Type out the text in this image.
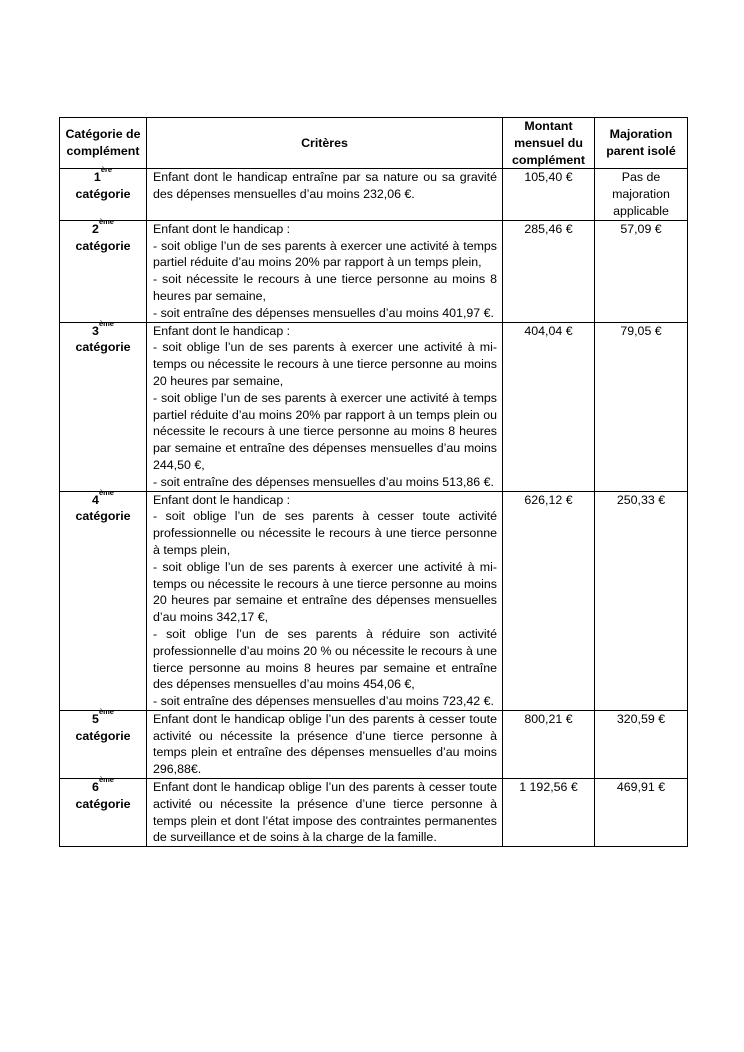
Catégorie de complément	Critères	Montant mensuel du complément	Majoration parent isolé
1ère
catégorie	Enfant dont le handicap entraîne par sa nature ou sa gravité des dépenses mensuelles d’au moins 232,06 €.	105,40 €	Pas de majoration applicable
2ème
catégorie	Enfant dont le handicap :
- soit oblige l’un de ses parents à exercer une activité à temps partiel réduite d’au moins 20% par rapport à un temps plein,
- soit nécessite le recours à une tierce personne au moins 8 heures par semaine,
- soit entraîne des dépenses mensuelles d’au moins 401,97 €.	285,46 €	57,09 €
3ème
catégorie	Enfant dont le handicap :
- soit oblige l’un de ses parents à exercer une activité à mi-temps ou nécessite le recours à une tierce personne au moins 20 heures par semaine,
- soit oblige l’un de ses parents à exercer une activité à temps partiel réduite d’au moins 20% par rapport à un temps plein ou nécessite le recours à une tierce personne au moins 8 heures par semaine et entraîne des dépenses mensuelles d’au moins 244,50 €,
- soit entraîne des dépenses mensuelles d’au moins 513,86 €.	404,04 €	79,05 €
4ème
catégorie	Enfant dont le handicap :
- soit oblige l’un de ses parents à cesser toute activité professionnelle ou nécessite le recours à une tierce personne à temps plein,
- soit oblige l’un de ses parents à exercer une activité à mi-temps ou nécessite le recours à une tierce personne au moins 20 heures par semaine et entraîne des dépenses mensuelles d’au moins 342,17 €,
- soit oblige l’un de ses parents à réduire son activité professionnelle d’au moins 20 % ou nécessite le recours à une tierce personne au moins 8 heures par semaine et entraîne des dépenses mensuelles d’au moins 454,06 €,
- soit entraîne des dépenses mensuelles d’au moins 723,42 €.	626,12 €	250,33 €
5ème
catégorie	Enfant dont le handicap oblige l’un des parents à cesser toute activité ou nécessite la présence d’une tierce personne à temps plein et entraîne des dépenses mensuelles d’au moins 296,88€.	800,21 €	320,59 €
6ème
catégorie	Enfant dont le handicap oblige l’un des parents à cesser toute activité ou nécessite la présence d’une tierce personne à temps plein et dont l’état impose des contraintes permanentes de surveillance et de soins à la charge de la famille.	1 192,56 €	469,91 €
